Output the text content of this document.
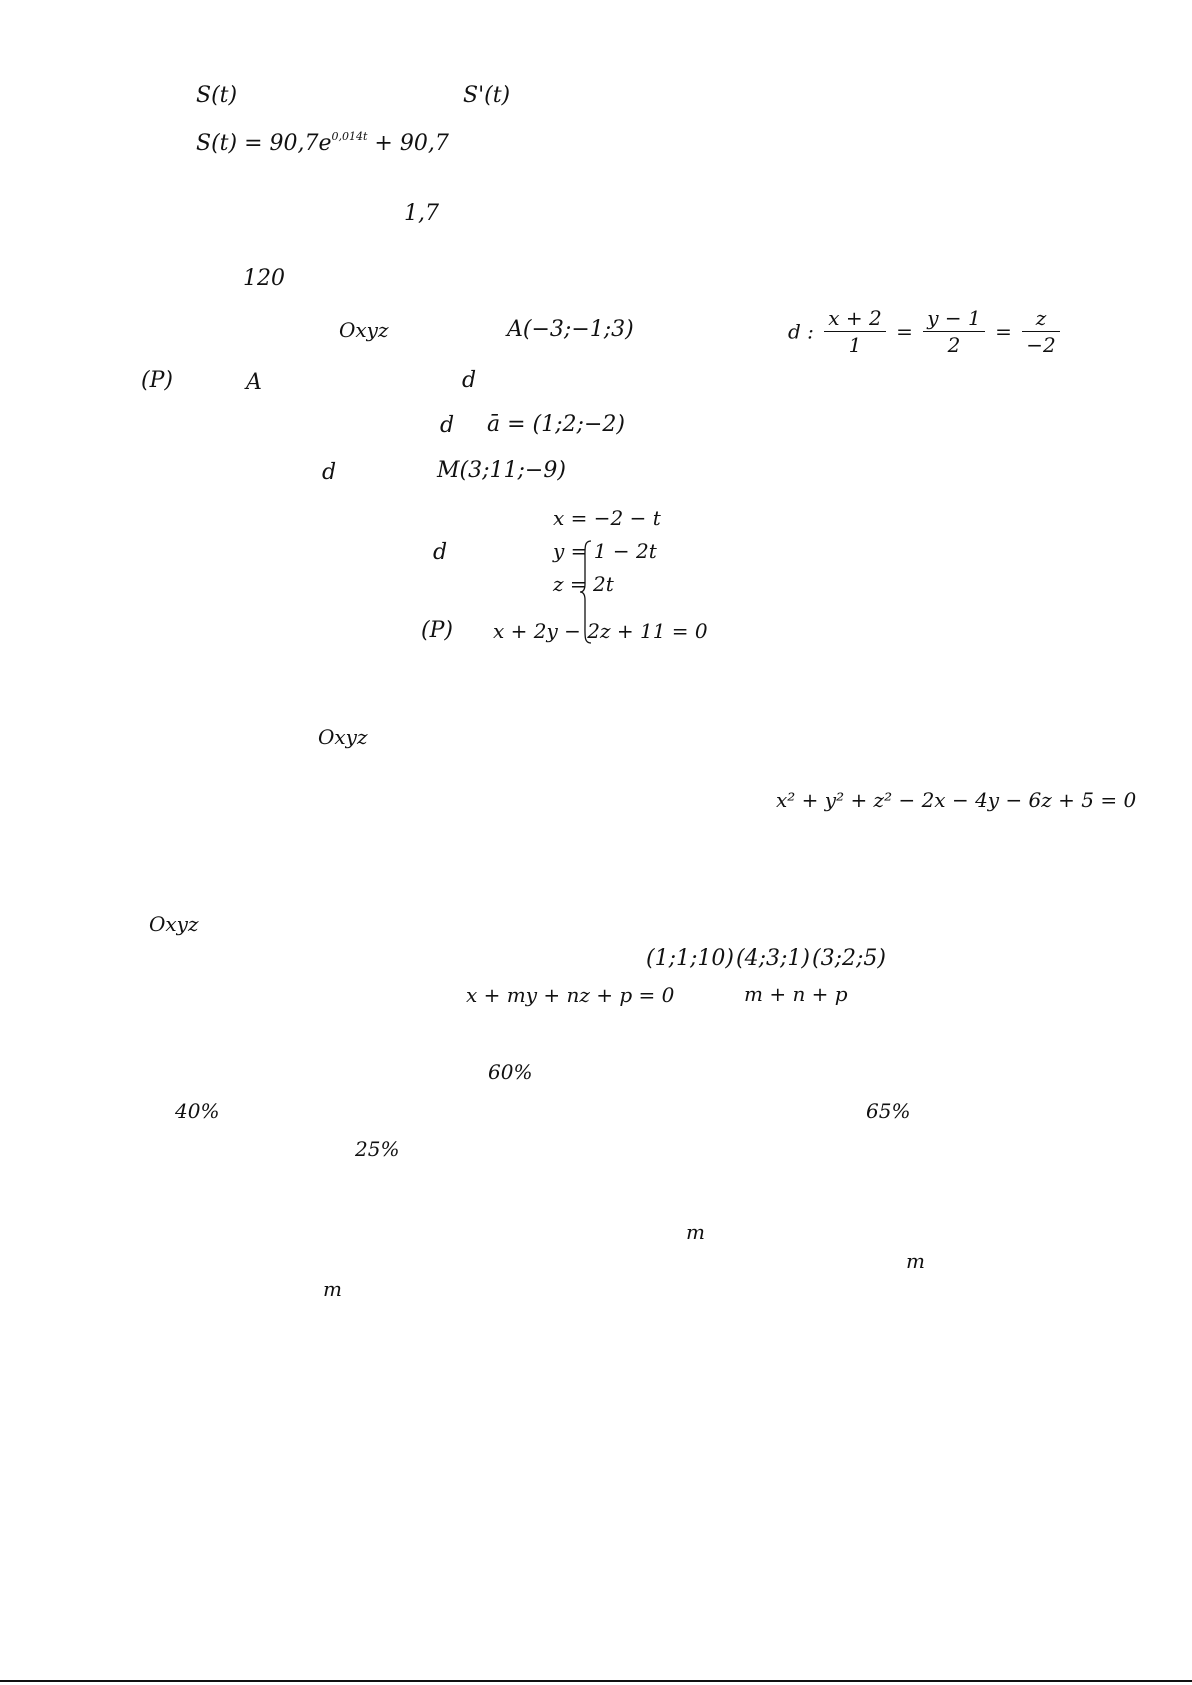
S(t)	S'(t)
$S(t) = 90,7e^{0,014t} + 90,7$
1,7
120
Oxyz	A(−3;−1;3)	d : $\frac{x + 2}{1} = \frac{y - 1}{2} = \frac{z}{-2}$
(P)	A	d
d ā = (1;2;−2)
d	M(3;11;−9)
d
x = −2 − t
y = 1 − 2t
z = 2t
(P) x + 2y − 2z + 11 = 0
Oxyz
x² + y² + z² − 2x − 4y − 6z + 5 = 0
Oxyz
(1;1;10) (4;3;1) (3;2;5)
x + my + nz + p = 0	m + n + p
60%
40%	65%
25%
m
m
m
